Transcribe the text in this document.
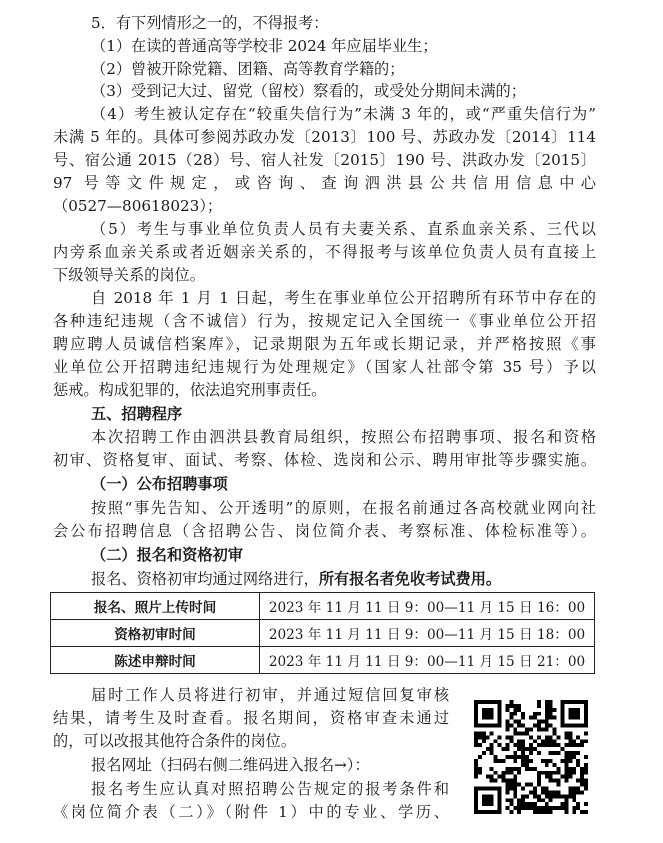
5．有下列情形之一的，不得报考：
（1）在读的普通高等学校非 2024 年应届毕业生；
（2）曾被开除党籍、团籍、高等教育学籍的；
（3）受到记大过、留党（留校）察看的，或受处分期间未满的；
（4）考生被认定存在“较重失信行为”未满 3 年的，或“严重失信行为”
未满 5 年的。具体可参阅苏政办发〔2013〕100 号、苏政办发〔2014〕114
号、宿公通 2015（28）号、宿人社发〔2015〕190 号、洪政办发〔2015〕
97 号等文件规定，或咨询、查询泗洪县公共信用信息中心
（0527—80618023）；
（5）考生与事业单位负责人员有夫妻关系、直系血亲关系、三代以
内旁系血亲关系或者近姻亲关系的，不得报考与该单位负责人员有直接上
下级领导关系的岗位。
自 2018 年 1 月 1 日起，考生在事业单位公开招聘所有环节中存在的
各种违纪违规（含不诚信）行为，按规定记入全国统一《事业单位公开招
聘应聘人员诚信档案库》，记录期限为五年或长期记录，并严格按照《事
业单位公开招聘违纪违规行为处理规定》（国家人社部令第 35 号）予以
惩戒。构成犯罪的，依法追究刑事责任。
五、招聘程序
本次招聘工作由泗洪县教育局组织，按照公布招聘事项、报名和资格
初审、资格复审、面试、考察、体检、选岗和公示、聘用审批等步骤实施。
（一）公布招聘事项
按照“事先告知、公开透明”的原则，在报名前通过各高校就业网向社
会公布招聘信息（含招聘公告、岗位简介表、考察标准、体检标准等）。
（二）报名和资格初审
报名、资格初审均通过网络进行，所有报名者免收考试费用。
报名、照片上传时间	2023 年 11 月 11 日 9：00—11 月 15 日 16：00
资格初审时间	2023 年 11 月 11 日 9：00—11 月 15 日 18：00
陈述申辩时间	2023 年 11 月 11 日 9：00—11 月 15 日 21：00
届时工作人员将进行初审，并通过短信回复审核
结果，请考生及时查看。报名期间，资格审查未通过
的，可以改报其他符合条件的岗位。
报名网址（扫码右侧二维码进入报名→）：
报名考生应认真对照招聘公告规定的报考条件和
《岗位简介表（二）》（附件 1）中的专业、学历、
